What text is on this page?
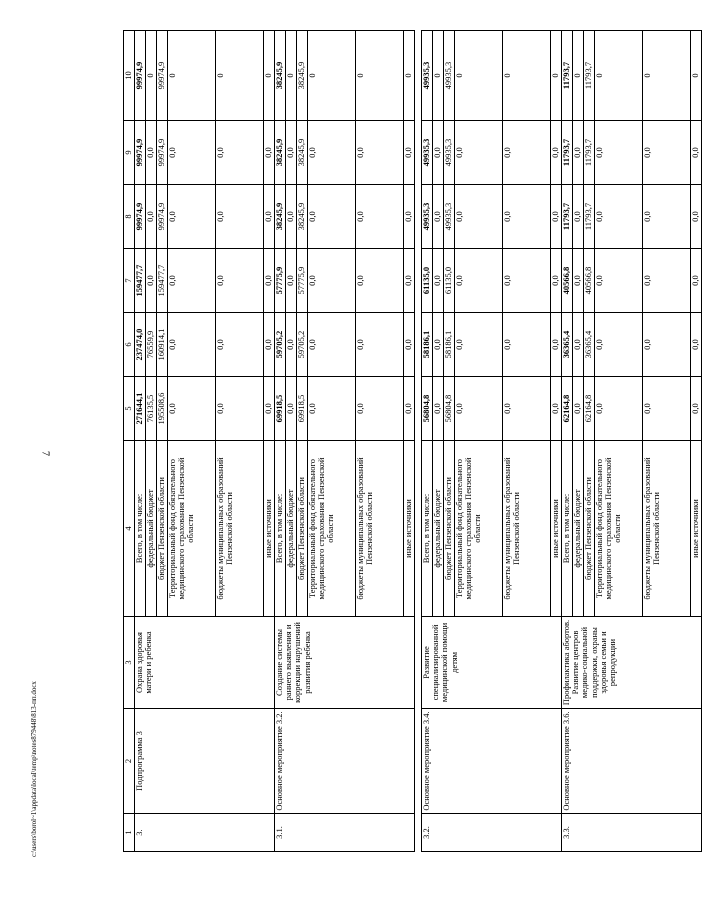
7
c:\users\borol~1\appdata\local\temp\notes879448\813-пп.docx	1	2	3	4	5	6	7	8	9	10
3.	Подпрограмма 3	Охрана здоровья матери и ребенка	Всего, в том числе:	271644,1	237474,0	159477,7	99974,9	99974,9	99974,9
			федеральный бюджет	76135,5	76559,9	0,0	0,0	0,0	0
			бюджет Пензенской области	195508,6	160914,1	159477,7	99974,9	99974,9	99974,9
			Территориальный фонд обязательного медицинского страхования Пензенской области	0,0	0,0	0,0	0,0	0,0	0
			бюджеты муниципальных образований Пензенской области	0,0	0,0	0,0	0,0	0,0	0
			иные источники	0,0	0,0	0,0	0,0	0,0	0
3.1.	Основное мероприятие 3.2.	Создание системы раннего выявления и коррекции нарушений развития ребенка	Всего, в том числе:	69918,5	59705,2	57775,9	38245,9	38245,9	38245,9
			федеральный бюджет	0,0	0,0	0,0	0,0	0,0	0
			бюджет Пензенской области	69918,5	59705,2	57775,9	38245,9	38245,9	38245,9
			Территориальный фонд обязательного медицинского страхования Пензенской области	0,0	0,0	0,0	0,0	0,0	0
			бюджеты муниципальных образований Пензенской области	0,0	0,0	0,0	0,0	0,0	0
			иные источники	0,0	0,0	0,0	0,0	0,0	0

3.2.	Основное мероприятие 3.4.	Развитие специализированной медицинской помощи детям	Всего, в том числе:	56804,8	58186,1	61135,0	49935,3	49935,3	49935,3
			федеральный бюджет	0,0	0,0	0,0	0,0	0,0	0
			бюджет Пензенской области	56804,8	58186,1	61135,0	49935,3	49935,3	49935,3
			Территориальный фонд обязательного медицинского страхования Пензенской области	0,0	0,0	0,0	0,0	0,0	0
			бюджеты муниципальных образований Пензенской области	0,0	0,0	0,0	0,0	0,0	0
			иные источники	0,0	0,0	0,0	0,0	0,0	0
3.3.	Основное мероприятие 3.6.	Профилактика абортов. Развитие центров медико-социальной поддержки, охраны здоровья семьи и репродукции	Всего, в том числе:	62164,8	36365,4	40566,8	11793,7	11793,7	11793,7
			федеральный бюджет	0,0	0,0	0,0	0,0	0,0	0
			бюджет Пензенской области	62164,8	36365,4	40566,8	11793,7	11793,7	11793,7
			Территориальный фонд обязательного медицинского страхования Пензенской области	0,0	0,0	0,0	0,0	0,0	0
			бюджеты муниципальных образований Пензенской области	0,0	0,0	0,0	0,0	0,0	0
			иные источники	0,0	0,0	0,0	0,0	0,0	0
